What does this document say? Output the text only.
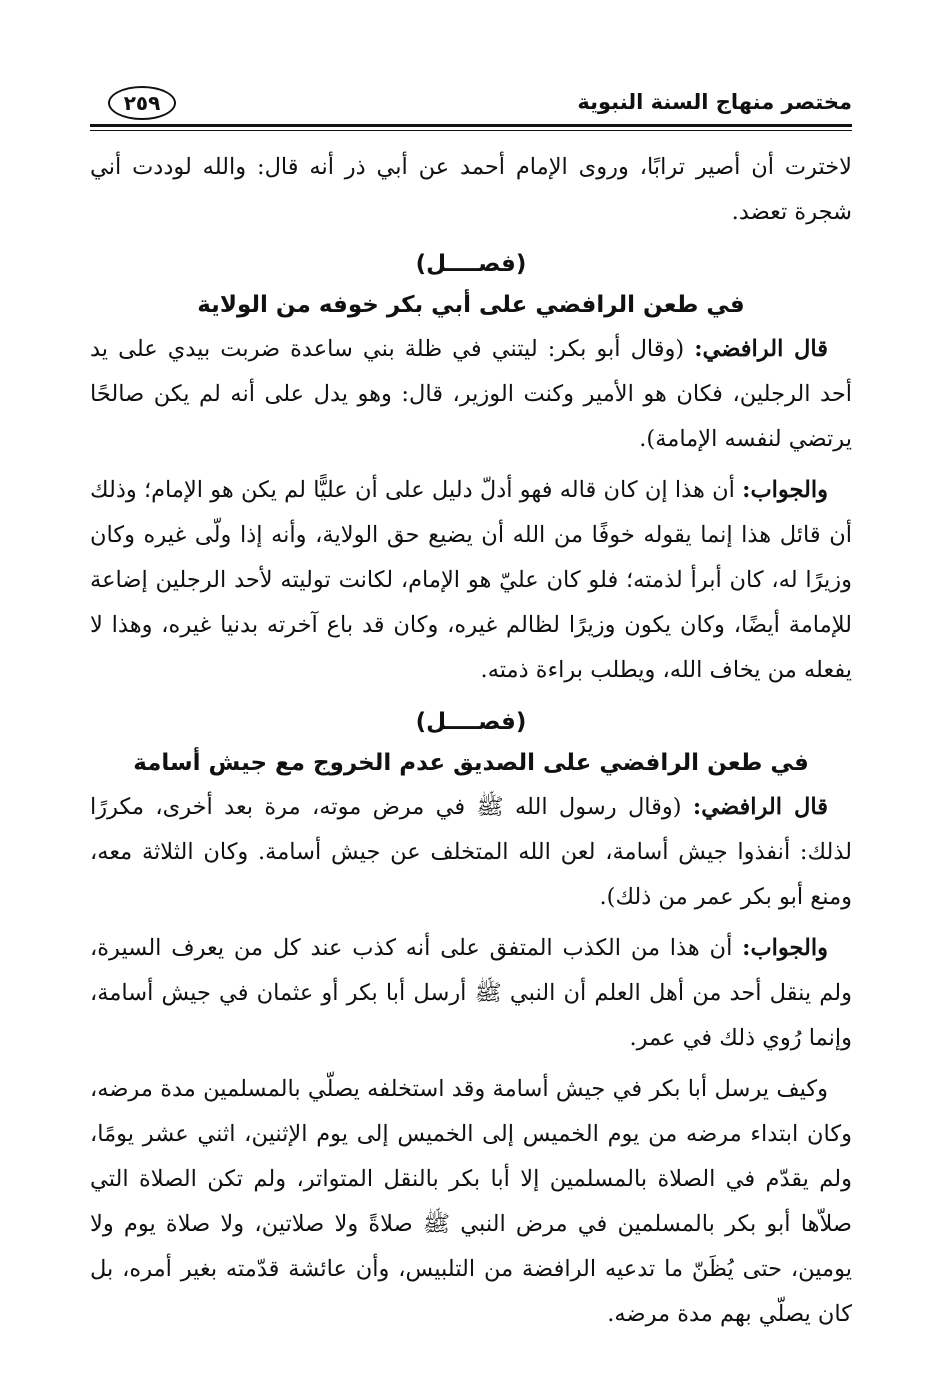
مختصر منهاج السنة النبوية
٢٥٩

لاخترت أن أصير ترابًا، وروى الإمام أحمد عن أبي ذر أنه قال: والله لوددت أني شجرة تعضد.

(فصــــل)
في طعن الرافضي على أبي بكر خوفه من الولاية

قال الرافضي: (وقال أبو بكر: ليتني في ظلة بني ساعدة ضربت بيدي على يد أحد الرجلين، فكان هو الأمير وكنت الوزير، قال: وهو يدل على أنه لم يكن صالحًا يرتضي لنفسه الإمامة).

والجواب: أن هذا إن كان قاله فهو أدلّ دليل على أن عليًّا لم يكن هو الإمام؛ وذلك أن قائل هذا إنما يقوله خوفًا من الله أن يضيع حق الولاية، وأنه إذا ولّى غيره وكان وزيرًا له، كان أبرأ لذمته؛ فلو كان عليّ هو الإمام، لكانت توليته لأحد الرجلين إضاعة للإمامة أيضًا، وكان يكون وزيرًا لظالم غيره، وكان قد باع آخرته بدنيا غيره، وهذا لا يفعله من يخاف الله، ويطلب براءة ذمته.

(فصــــل)
في طعن الرافضي على الصديق عدم الخروج مع جيش أسامة

قال الرافضي: (وقال رسول الله ﷺ في مرض موته، مرة بعد أخرى، مكررًا لذلك: أنفذوا جيش أسامة، لعن الله المتخلف عن جيش أسامة. وكان الثلاثة معه، ومنع أبو بكر عمر من ذلك).

والجواب: أن هذا من الكذب المتفق على أنه كذب عند كل من يعرف السيرة، ولم ينقل أحد من أهل العلم أن النبي ﷺ أرسل أبا بكر أو عثمان في جيش أسامة، وإنما رُوي ذلك في عمر.

وكيف يرسل أبا بكر في جيش أسامة وقد استخلفه يصلّي بالمسلمين مدة مرضه، وكان ابتداء مرضه من يوم الخميس إلى الخميس إلى يوم الإثنين، اثني عشر يومًا، ولم يقدّم في الصلاة بالمسلمين إلا أبا بكر بالنقل المتواتر، ولم تكن الصلاة التي صلاّها أبو بكر بالمسلمين في مرض النبي ﷺ صلاةً ولا صلاتين، ولا صلاة يوم ولا يومين، حتى يُظَنّ ما تدعيه الرافضة من التلبيس، وأن عائشة قدّمته بغير أمره، بل كان يصلّي بهم مدة مرضه.
